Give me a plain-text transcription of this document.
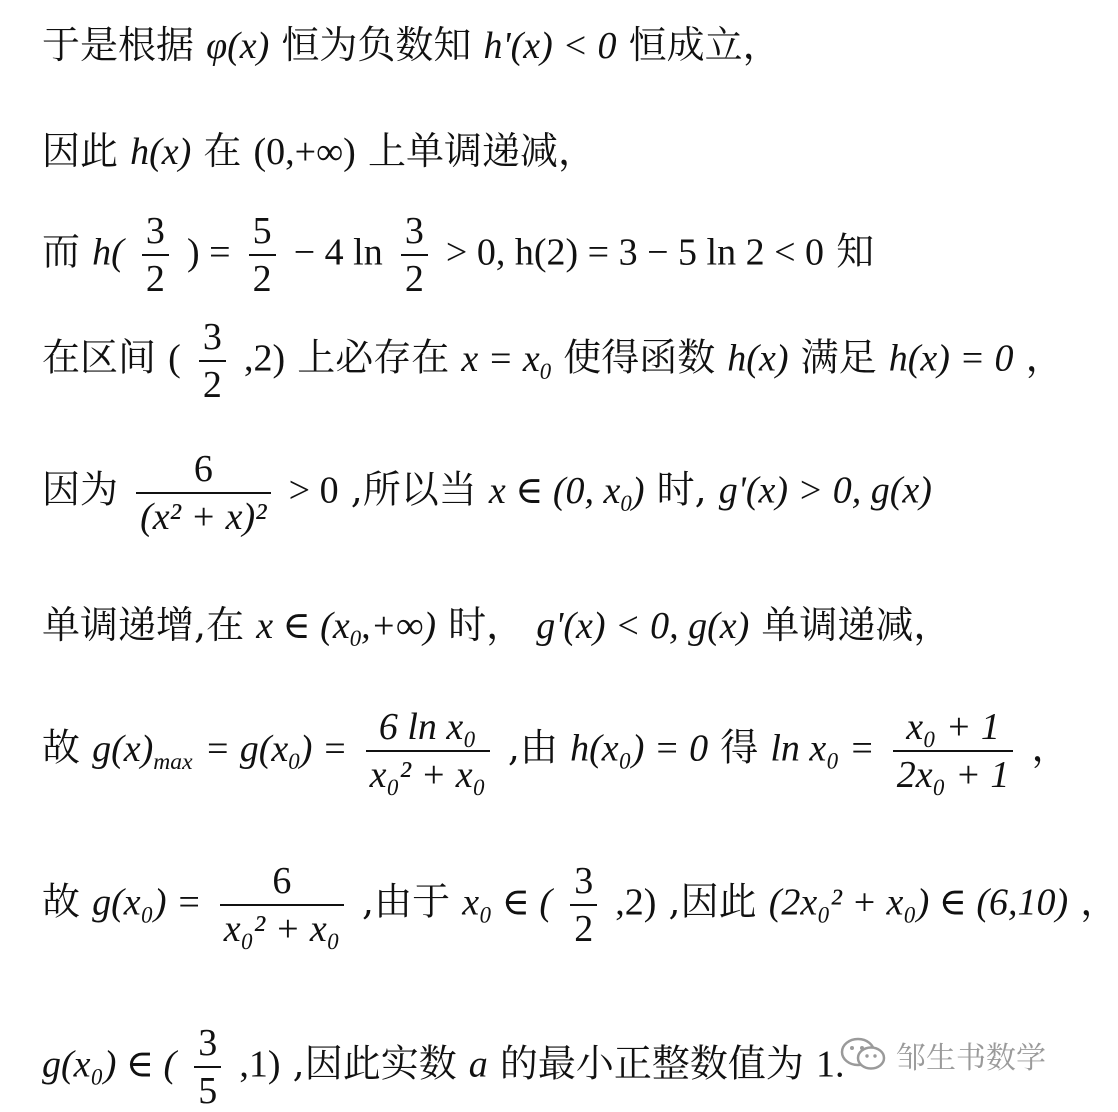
于是根据 φ(x) 恒为负数知 h'(x) < 0 恒成立，
因此 h(x) 在 (0,+∞) 上单调递减，
而 $h( \frac{3}{2}$ ) = $\frac{5}{2} - 4$ $\ln \frac{3}{2} > 0$, h(2) = 3 − 5 ln 2 < 0 知
在区间 ( $\frac{3}{2} ,2$) 上必存在 $x = x_0$ 使得函数 h(x) 满足 h(x) = 0 ，
因为 $\frac{6}{\text{(x² + x)²}} > 0$ ,所以当 x ∈ (0, $x_0$) 时, g'(x) > 0, g(x)
单调递增,在 x ∈ $(x_0,+\infty)$ 时， g'(x) < 0, g(x) 单调递减，
故 $g(x)_{max} = g(x_0) = \frac{\text{6 ln x₀}}{\text{x₀² + x₀}}$ ,由 h(x₀) = 0 得 $\ln x_0 = \frac{\text{x₀ + 1}}{\text{2x₀ + 1}}$ ，
故 $g(x_0) = \frac{6}{\text{x₀² + x₀}}$ ,由于 x₀ ∈ ( $\frac{3}{2} ,2$) ,因此 (2x₀² + x₀) ∈ (6,10) ，
g(x₀) ∈ ( $\frac{3}{5} ,1$) ,因此实数 a 的最小正整数值为 1. 邹生书数学
